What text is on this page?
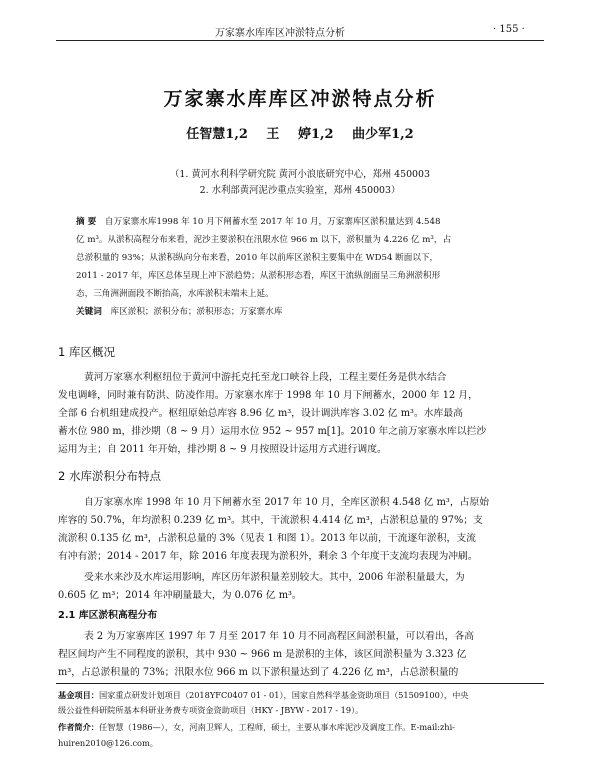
万家寨水库库区冲淤特点分析	· 155 ·
万家寨水库库区冲淤特点分析
任智慧1,2 王 婷1,2 曲少军1,2
（1. 黄河水利科学研究院 黄河小浪底研究中心，郑州 450003
2. 水利部黄河泥沙重点实验室，郑州 450003）
摘 要 自万家寨水库1998 年 10 月下闸蓄水至 2017 年 10 月，万家寨库区淤积量达到 4.548
亿 m³。从淤积高程分布来看，泥沙主要淤积在汛限水位 966 m 以下，淤积量为 4.226 亿 m³，占
总淤积量的 93%；从淤积纵向分布来看，2010 年以前库区淤积主要集中在 WD54 断面以下，
2011 - 2017 年，库区总体呈现上冲下淤趋势；从淤积形态看，库区干流纵剖面呈三角洲淤积形
态，三角洲洲面段不断抬高，水库淤积末端未上延。
关键词 库区淤积；淤积分布；淤积形态；万家寨水库
1 库区概况
黄河万家寨水利枢纽位于黄河中游托克托至龙口峡谷上段，工程主要任务是供水结合
发电调峰，同时兼有防洪、防凌作用。万家寨水库于 1998 年 10 月下闸蓄水，2000 年 12 月，
全部 6 台机组建成投产。枢纽原始总库容 8.96 亿 m³，设计调洪库容 3.02 亿 m³。水库最高
蓄水位 980 m，排沙期（8 ~ 9 月）运用水位 952 ~ 957 m[1]。2010 年之前万家寨水库以拦沙
运用为主；自 2011 年开始，排沙期 8 ~ 9 月按照设计运用方式进行调度。
2 水库淤积分布特点
自万家寨水库 1998 年 10 月下闸蓄水至 2017 年 10 月，全库区淤积 4.548 亿 m³，占原始
库容的 50.7%，年均淤积 0.239 亿 m³。其中，干流淤积 4.414 亿 m³，占淤积总量的 97%；支
流淤积 0.135 亿 m³，占淤积总量的 3%（见表 1 和图 1）。2013 年以前，干流逐年淤积，支流
有冲有淤；2014 - 2017 年，除 2016 年度表现为淤积外，剩余 3 个年度干支流均表现为冲刷。
受来水来沙及水库运用影响，库区历年淤积量差别较大。其中，2006 年淤积量最大，为
0.605 亿 m³；2014 年冲刷量最大，为 0.076 亿 m³。
2.1 库区淤积高程分布
表 2 为万家寨库区 1997 年 7 月至 2017 年 10 月不同高程区间淤积量，可以看出，各高
程区间均产生不同程度的淤积，其中 930 ~ 966 m 是淤积的主体，该区间淤积量为 3.323 亿
m³，占总淤积量的 73%；汛限水位 966 m 以下淤积量达到了 4.226 亿 m³，占总淤积量的
基金项目：国家重点研发计划项目（2018YFC0407 01 - 01），国家自然科学基金资助项目（51509100），中央
级公益性科研院所基本科研业务费专项资金资助项目（HKY - JBYW - 2017 - 19）。
作者简介：任智慧（1986—），女，河南卫辉人，工程师，硕士，主要从事水库泥沙及调度工作。E-mail:zhi-
huiren2010@126.com。
